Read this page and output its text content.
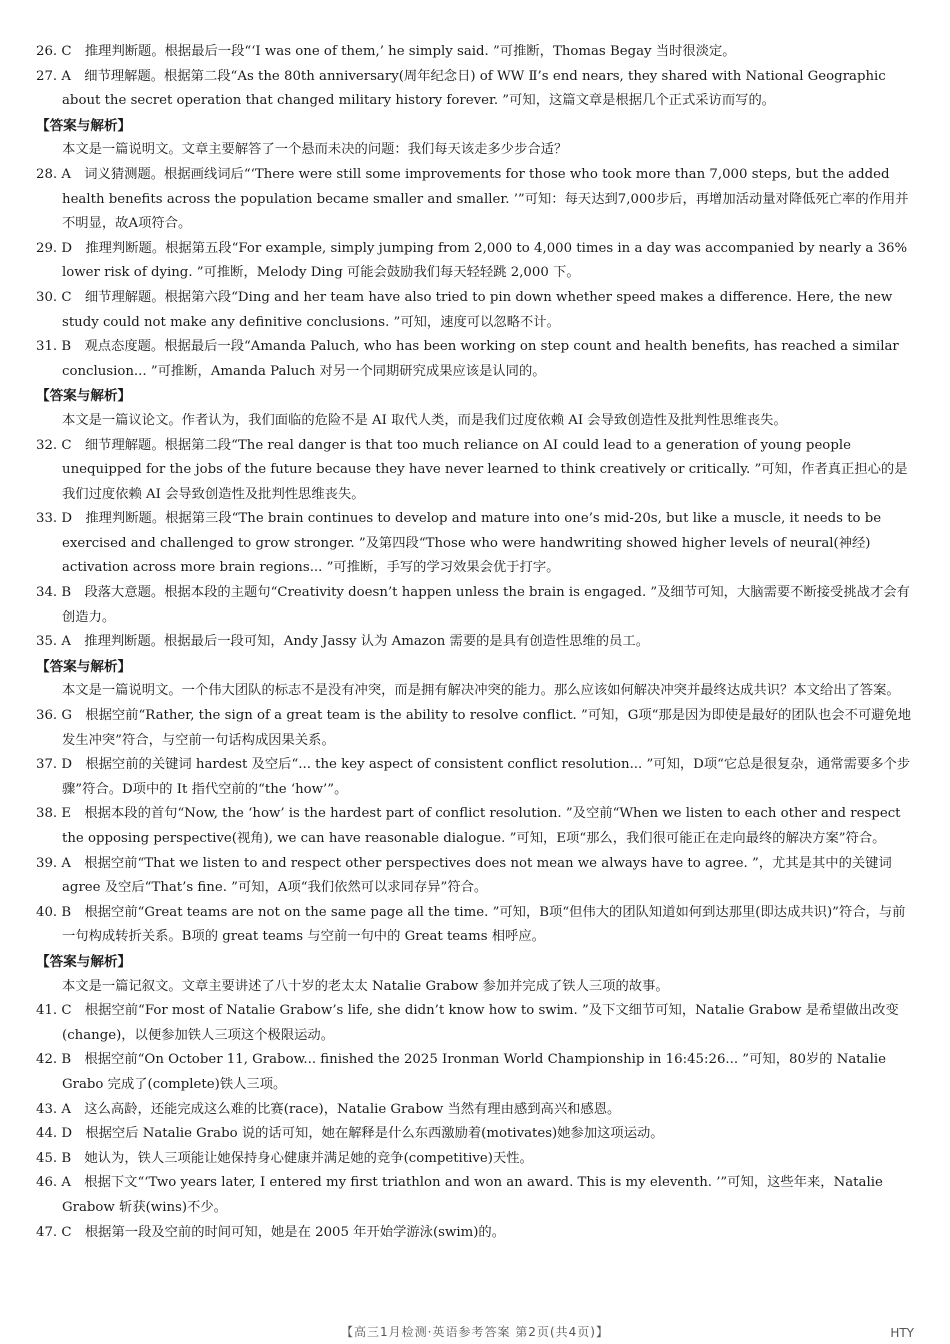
26. C　推理判断题。根据最后一段“‘I was one of them,’ he simply said. ”可推断，Thomas Begay 当时很淡定。

27. A　细节理解题。根据第二段“As the 80th anniversary(周年纪念日) of WW Ⅱ’s end nears, they shared with National Geographic about the secret operation that changed military history forever. ”可知，这篇文章是根据几个正式采访而写的。

【答案与解析】

本文是一篇说明文。文章主要解答了一个悬而未决的问题：我们每天该走多少步合适？

28. A　词义猜测题。根据画线词后“‘There were still some improvements for those who took more than 7,000 steps, but the added health benefits across the population became smaller and smaller. ’”可知：每天达到7,000步后，再增加活动量对降低死亡率的作用并不明显，故A项符合。

29. D　推理判断题。根据第五段“For example, simply jumping from 2,000 to 4,000 times in a day was accompanied by nearly a 36% lower risk of dying. ”可推断，Melody Ding 可能会鼓励我们每天轻轻跳 2,000 下。

30. C　细节理解题。根据第六段“Ding and her team have also tried to pin down whether speed makes a difference. Here, the new study could not make any definitive conclusions. ”可知，速度可以忽略不计。

31. B　观点态度题。根据最后一段“Amanda Paluch, who has been working on step count and health benefits, has reached a similar conclusion... ”可推断，Amanda Paluch 对另一个同期研究成果应该是认同的。

【答案与解析】

本文是一篇议论文。作者认为，我们面临的危险不是 AI 取代人类，而是我们过度依赖 AI 会导致创造性及批判性思维丧失。

32. C　细节理解题。根据第二段“The real danger is that too much reliance on AI could lead to a generation of young people unequipped for the jobs of the future because they have never learned to think creatively or critically. ”可知，作者真正担心的是我们过度依赖 AI 会导致创造性及批判性思维丧失。

33. D　推理判断题。根据第三段“The brain continues to develop and mature into one’s mid-20s, but like a muscle, it needs to be exercised and challenged to grow stronger. ”及第四段“Those who were handwriting showed higher levels of neural(神经) activation across more brain regions... ”可推断，手写的学习效果会优于打字。

34. B　段落大意题。根据本段的主题句“Creativity doesn’t happen unless the brain is engaged. ”及细节可知，大脑需要不断接受挑战才会有创造力。

35. A　推理判断题。根据最后一段可知，Andy Jassy 认为 Amazon 需要的是具有创造性思维的员工。

【答案与解析】

本文是一篇说明文。一个伟大团队的标志不是没有冲突，而是拥有解决冲突的能力。那么应该如何解决冲突并最终达成共识？本文给出了答案。

36. G　根据空前“Rather, the sign of a great team is the ability to resolve conflict. ”可知，G项“那是因为即使是最好的团队也会不可避免地发生冲突”符合，与空前一句话构成因果关系。

37. D　根据空前的关键词 hardest 及空后“... the key aspect of consistent conflict resolution... ”可知，D项“它总是很复杂，通常需要多个步骤”符合。D项中的 It 指代空前的“the ‘how’”。

38. E　根据本段的首句“Now, the ‘how’ is the hardest part of conflict resolution. ”及空前“When we listen to each other and respect the opposing perspective(视角), we can have reasonable dialogue. ”可知，E项“那么，我们很可能正在走向最终的解决方案”符合。

39. A　根据空前“That we listen to and respect other perspectives does not mean we always have to agree. ”，尤其是其中的关键词 agree 及空后“That’s fine. ”可知，A项“我们依然可以求同存异”符合。

40. B　根据空前“Great teams are not on the same page all the time. ”可知，B项“但伟大的团队知道如何到达那里(即达成共识)”符合，与前一句构成转折关系。B项的 great teams 与空前一句中的 Great teams 相呼应。

【答案与解析】

本文是一篇记叙文。文章主要讲述了八十岁的老太太 Natalie Grabow 参加并完成了铁人三项的故事。

41. C　根据空前“For most of Natalie Grabow’s life, she didn’t know how to swim. ”及下文细节可知，Natalie Grabow 是希望做出改变(change)，以便参加铁人三项这个极限运动。

42. B　根据空前“On October 11, Grabow... finished the 2025 Ironman World Championship in 16:45:26... ”可知，80岁的 Natalie Grabo 完成了(complete)铁人三项。

43. A　这么高龄，还能完成这么难的比赛(race)，Natalie Grabow 当然有理由感到高兴和感恩。

44. D　根据空后 Natalie Grabo 说的话可知，她在解释是什么东西激励着(motivates)她参加这项运动。

45. B　她认为，铁人三项能让她保持身心健康并满足她的竞争(competitive)天性。

46. A　根据下文“‘Two years later, I entered my first triathlon and won an award. This is my eleventh. ’”可知，这些年来，Natalie Grabow 斩获(wins)不少。

47. C　根据第一段及空前的时间可知，她是在 2005 年开始学游泳(swim)的。

【高三1月检测·英语参考答案 第2页(共4页)】	HTY
